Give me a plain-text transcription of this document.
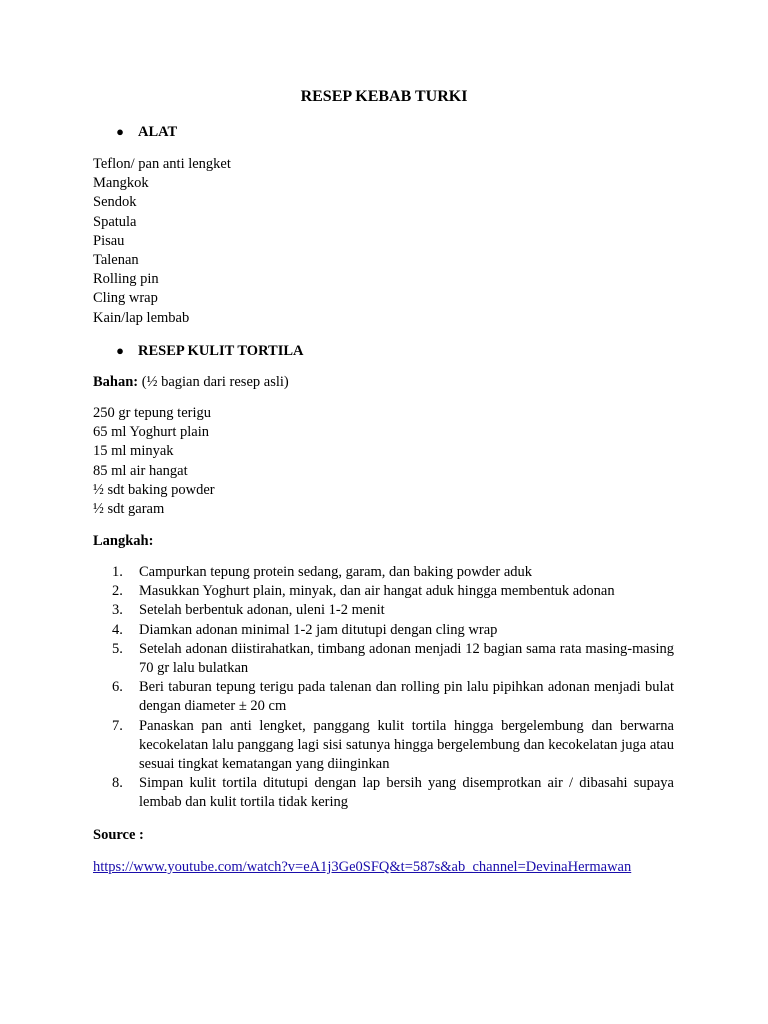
RESEP KEBAB TURKI
● ALAT
Teflon/ pan anti lengket
Mangkok
Sendok
Spatula
Pisau
Talenan
Rolling pin
Cling wrap
Kain/lap lembab
● RESEP KULIT TORTILA

Bahan: (½ bagian dari resep asli)

250 gr tepung terigu
65 ml Yoghurt plain
15 ml minyak
85 ml air hangat
½ sdt baking powder
½ sdt garam

Langkah:

1. Campurkan tepung protein sedang, garam, dan baking powder aduk
2. Masukkan Yoghurt plain, minyak, dan air hangat aduk hingga membentuk adonan
3. Setelah berbentuk adonan, uleni 1-2 menit
4. Diamkan adonan minimal 1-2 jam ditutupi dengan cling wrap
5. Setelah adonan diistirahatkan, timbang adonan menjadi 12 bagian sama rata masing-masing 70 gr lalu bulatkan
6. Beri taburan tepung terigu pada talenan dan rolling pin lalu pipihkan adonan menjadi bulat dengan diameter ± 20 cm
7. Panaskan pan anti lengket, panggang kulit tortila hingga bergelembung dan berwarna kecokelatan lalu panggang lagi sisi satunya hingga bergelembung dan kecokelatan juga atau sesuai tingkat kematangan yang diinginkan
8. Simpan kulit tortila ditutupi dengan lap bersih yang disemprotkan air / dibasahi supaya lembab dan kulit tortila tidak kering

Source :

https://www.youtube.com/watch?v=eA1j3Ge0SFQ&t=587s&ab_channel=DevinaHermawan
